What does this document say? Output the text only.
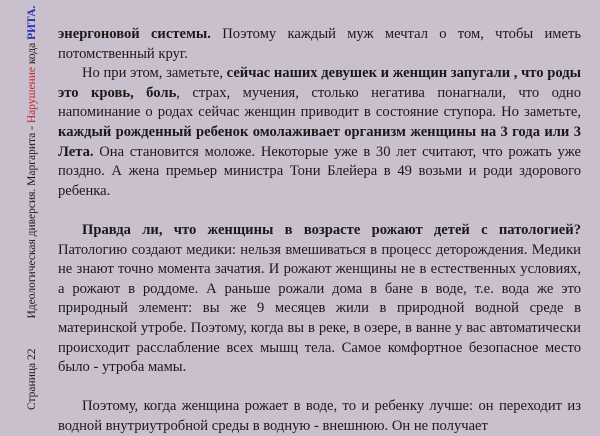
Страница 22Идеологическая диверсия. Маргарита - Нарушение кода РИТА. энергоновой системы. Поэтому каждый муж мечтал о том, чтобы иметь потомственный круг.

Но при этом, заметьте, сейчас наших девушек и женщин запугали , что роды это кровь, боль, страх, мучения, столько негатива понагнали, что одно напоминание о родах сейчас женщин приводит в состояние ступора. Но заметьте, каждый рожденный ребенок омолаживает организм женщины на 3 года или 3 Лета. Она становится моложе. Некоторые уже в 30 лет считают, что рожать уже поздно. А жена премьер министра Тони Блейера в 49 возьми и роди здорового ребенка.

Правда ли, что женщины в возрасте рожают детей с патологией? Патологию создают медики: нельзя вмешиваться в процесс деторождения. Медики не знают точно момента зачатия. И рожают женщины не в естественных условиях, а рожают в роддоме. А раньше рожали дома в бане в воде, т.е. вода же это природный элемент: вы же 9 месяцев жили в природной водной среде в материнской утробе. Поэтому, когда вы в реке, в озере, в ванне у вас автоматически происходит расслабление всех мышц тела. Самое комфортное безопасное место было - утроба мамы.

Поэтому, когда женщина рожает в воде, то и ребенку лучше: он переходит из водной внутриутробной среды в водную - внешнюю. Он не получает
